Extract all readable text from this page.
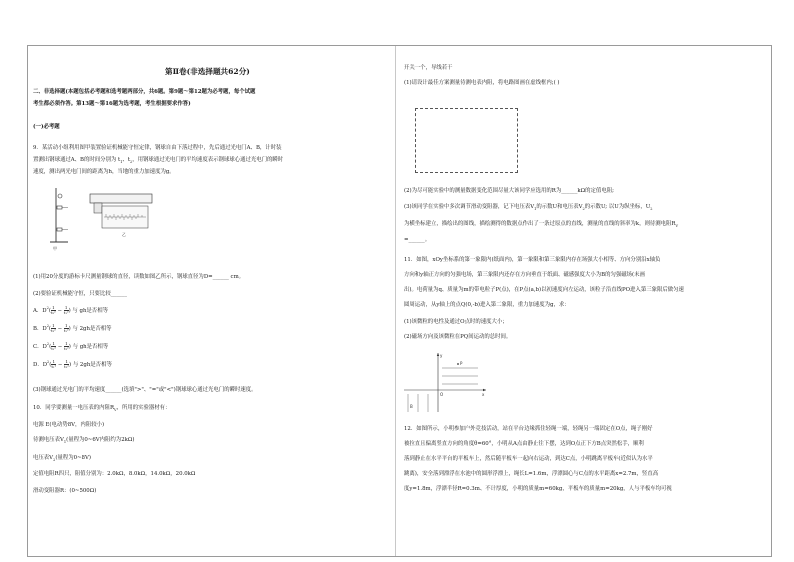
第Ⅱ卷(非选择题共62分)
二、非选择题(本题包括必考题和选考题两部分，共6题。第9题～第12题为必考题，每个试题
考生都必须作答。第13题～第16题为选考题，考生根据要求作答)
(一)必考题
9．某活动小组利用图甲装置验证机械能守恒定律，钢球自由下落过程中，先后通过光电门A、B，计时装
置测出钢球通过A、B的时间分别为 $t_1$、$t_2$，用钢球通过光电门的平均速度表示钢球球心通过光电门的瞬时
速度，测出两光电门间的距离为h，当地的重力加速度为g。
甲
乙
(1)用20分度的游标卡尺测量钢球的直径，读数如图乙所示，钢球直径为D=______ cm。
(2)要验证机械能守恒，只要比较______
A．$D^2( \frac{1}{\text{t₂²}} - \frac{1}{\text{t₁²}}$ ) 与 gh是否相等
B．$D^2( \frac{1}{\text{t₂²}} - \frac{1}{\text{t₁²}}$ ) 与 2gh是否相等
C．$D^2( \frac{1}{\text{t₁²}} - \frac{1}{\text{t₂²}}$ ) 与 gh是否相等
D．$D^2( \frac{1}{\text{t₁²}} - \frac{1}{\text{t₂²}}$ ) 与 2gh是否相等
(3)钢球通过光电门的平均速度______(选填">"、"="或"<")钢球球心通过光电门的瞬时速度。
10．同学要测量一电压表的内阻$R_V$，所用的实验器材有：
电源 E(电动势8V，内阻较小)
待测电压表$V_1$(量程为0~6V内阻约为2kΩ)
电压表$V_2$(量程为0~8V)
定值电阻R四只，阻值分别为：2.0kΩ，8.0kΩ，14.0kΩ，20.0kΩ
滑动变阻器R：(0~500Ω)
开关一个，导线若干
(1)请设计最佳方案测量待测电表内阻，将电路图画在虚线框内;( )
(2)为尽可能实验中的测量数据变化范围尽量大该同学应选用的R为______kΩ的定值电阻;
(3)该同学在实验中多次调节滑动变阻器，记下电压表$V_1$的示数U和电压表$V_2$的示数U; 以U为纵坐标，$U_2$
为横坐标建立，描绘出的图线，描绘测得的数据点作出了一条过原点的直线，测量的直线的斜率为k，则待测电阻$R_V$
=______。
11．如图，xOy坐标系的第一象限内(纸面内)，第一象限和第三象限内存在场强大小相等、方向分别沿x轴负
方向和y轴正方向的匀强电场，第三象限内还存在方向垂直于纸面、磁感强度大小为B的匀强磁场(未画
出)。电荷量为q、质量为m的带电粒子P(点)，在P点(a,b)以初速度向左运动，该粒子沿直线PO进入第三象限后做匀速
圆周运动，从y轴上的点Q(0,-b)进入第二象限，重力加速度为g，求：
(1)该微粒的电性及通过O点时的速度大小；
(2)磁场方向及该微粒在PQ间运动的总时间。
P
O	x
y
B
12．如图所示，小明参加户外竞技活动，站在平台边缘抓住轻绳一端，轻绳另一端固定在O点，绳子刚好
被拉直且偏离竖直方向的角度θ=60°，小明从A点由静止往下摆，达到O点正下方B点突然松手，顺利
落到静止在水平平台的平板车上，然后随平板车一起向右运动，到达C点，小明跳离平板车(近似认为水平
跳离)，安全落到漂浮在水池中的圆形浮漂上，绳长L=1.6m，浮漂圆心与C点的水平距离x=2.7m，竖直高
度y=1.8m，浮漂半径R=0.3m、不计厚度，小明的质量m=60kg，平板车的质量m=20kg，人与平板车均可视
